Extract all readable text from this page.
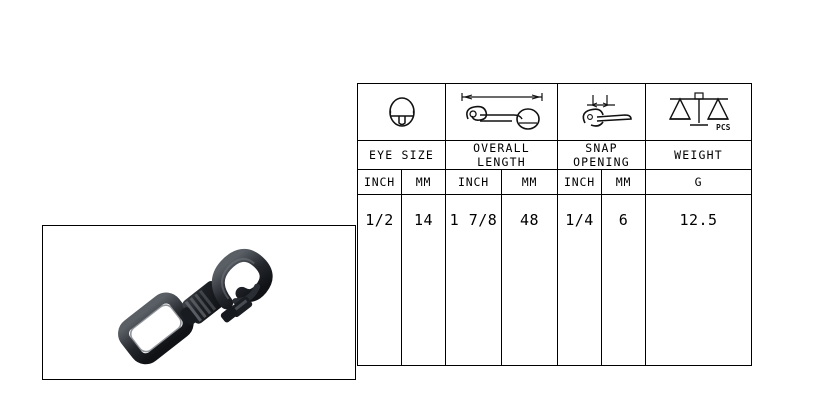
PCS

EYE SIZE		OVERALL LENGTH		SNAP OPENING		WEIGHT
INCH	MM	INCH	MM	INCH	MM	G
1/2	14	1 7/8	48	1/4	6	12.5
